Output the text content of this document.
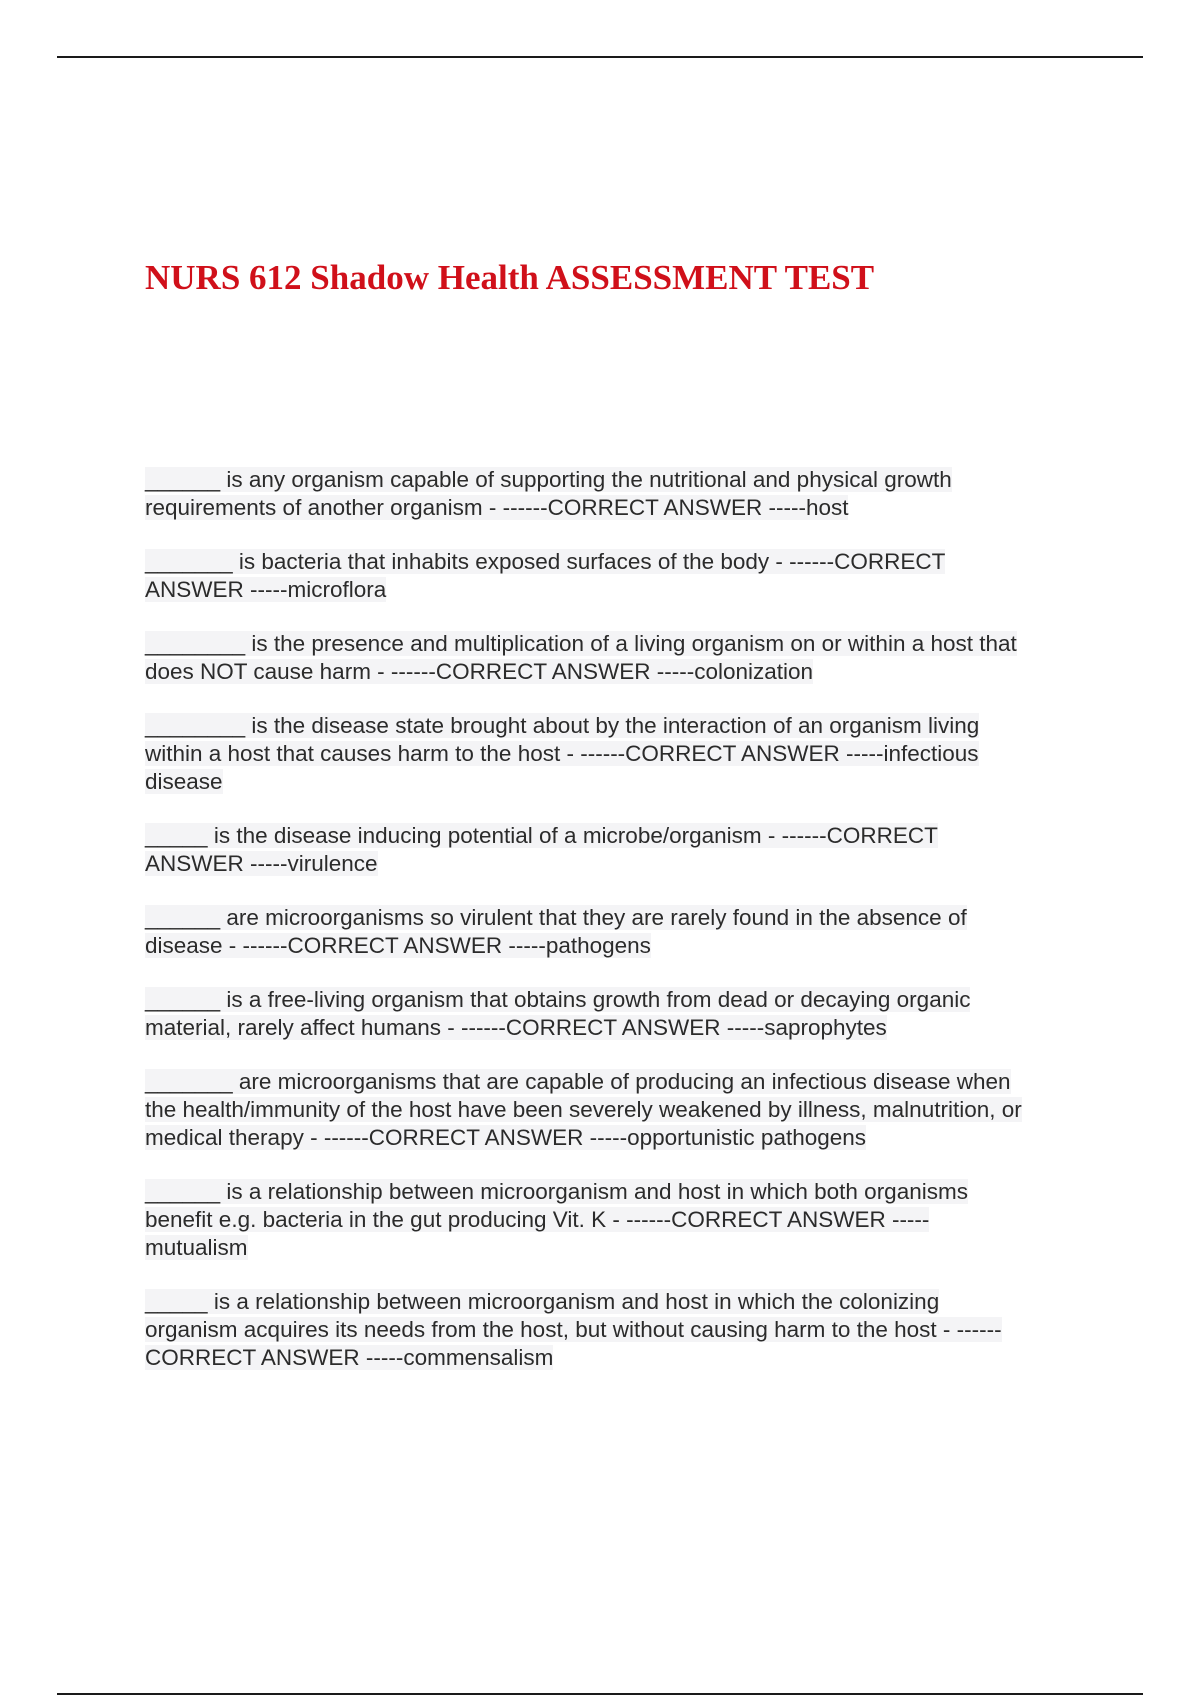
NURS 612 Shadow Health ASSESSMENT TEST
______ is any organism capable of supporting the nutritional and physical growth
requirements of another organism - ------CORRECT ANSWER -----host
_______ is bacteria that inhabits exposed surfaces of the body - ------CORRECT
ANSWER -----microflora
________ is the presence and multiplication of a living organism on or within a host that
does NOT cause harm - ------CORRECT ANSWER -----colonization
________ is the disease state brought about by the interaction of an organism living
within a host that causes harm to the host - ------CORRECT ANSWER -----infectious
disease
_____ is the disease inducing potential of a microbe/organism - ------CORRECT
ANSWER -----virulence
______ are microorganisms so virulent that they are rarely found in the absence of
disease - ------CORRECT ANSWER -----pathogens
______ is a free-living organism that obtains growth from dead or decaying organic
material, rarely affect humans - ------CORRECT ANSWER -----saprophytes
_______ are microorganisms that are capable of producing an infectious disease when
the health/immunity of the host have been severely weakened by illness, malnutrition, or
medical therapy - ------CORRECT ANSWER -----opportunistic pathogens
______ is a relationship between microorganism and host in which both organisms
benefit e.g. bacteria in the gut producing Vit. K - ------CORRECT ANSWER -----
mutualism
_____ is a relationship between microorganism and host in which the colonizing
organism acquires its needs from the host, but without causing harm to the host - ------
CORRECT ANSWER -----commensalism
